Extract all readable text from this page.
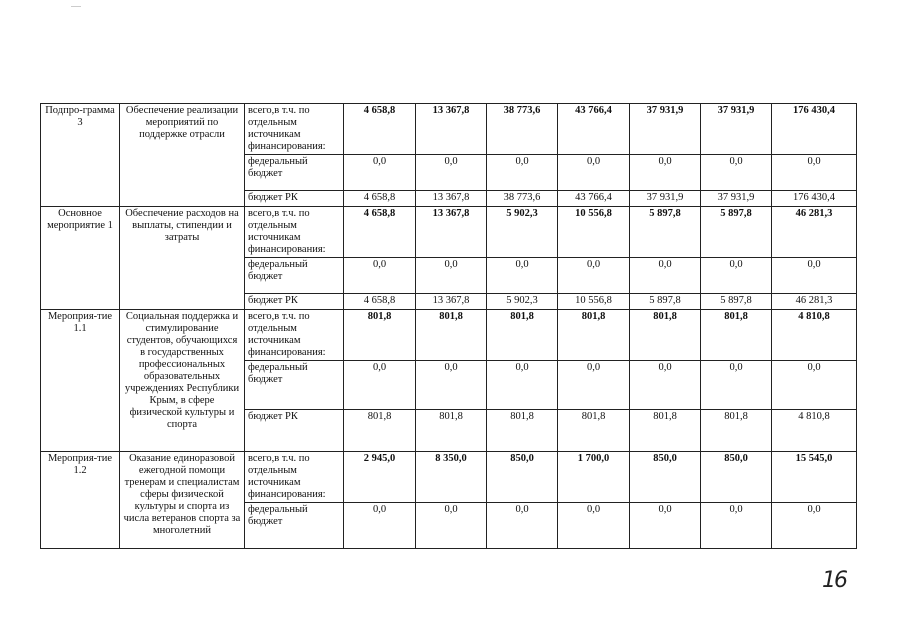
Подпро-грамма 3	Обеспечение реализации мероприятий по поддержке отрасли	всего,в т.ч. по отдельным источникам финансирования:	4 658,8	13 367,8	38 773,6	43 766,4	37 931,9	37 931,9	176 430,4
		федеральный бюджет	0,0	0,0	0,0	0,0	0,0	0,0	0,0
		бюджет РК	4 658,8	13 367,8	38 773,6	43 766,4	37 931,9	37 931,9	176 430,4
Основное мероприятие 1	Обеспечение расходов на выплаты, стипендии и затраты	всего,в т.ч. по отдельным источникам финансирования:	4 658,8	13 367,8	5 902,3	10 556,8	5 897,8	5 897,8	46 281,3
		федеральный бюджет	0,0	0,0	0,0	0,0	0,0	0,0	0,0
		бюджет РК	4 658,8	13 367,8	5 902,3	10 556,8	5 897,8	5 897,8	46 281,3
Мероприя-тие 1.1	Социальная поддержка и стимулирование студентов, обучающихся в государственных профессиональных образовательных учреждениях Республики Крым, в сфере физической культуры и спорта	всего,в т.ч. по отдельным источникам финансирования:	801,8	801,8	801,8	801,8	801,8	801,8	4 810,8
		федеральный бюджет	0,0	0,0	0,0	0,0	0,0	0,0	0,0
		бюджет РК	801,8	801,8	801,8	801,8	801,8	801,8	4 810,8
Мероприя-тие 1.2	Оказание единоразовой ежегодной помощи тренерам и специалистам сферы физической культуры и спорта из числа ветеранов спорта за многолетний	всего,в т.ч. по отдельным источникам финансирования:	2 945,0	8 350,0	850,0	1 700,0	850,0	850,0	15 545,0
		федеральный бюджет	0,0	0,0	0,0	0,0	0,0	0,0	0,0
16
